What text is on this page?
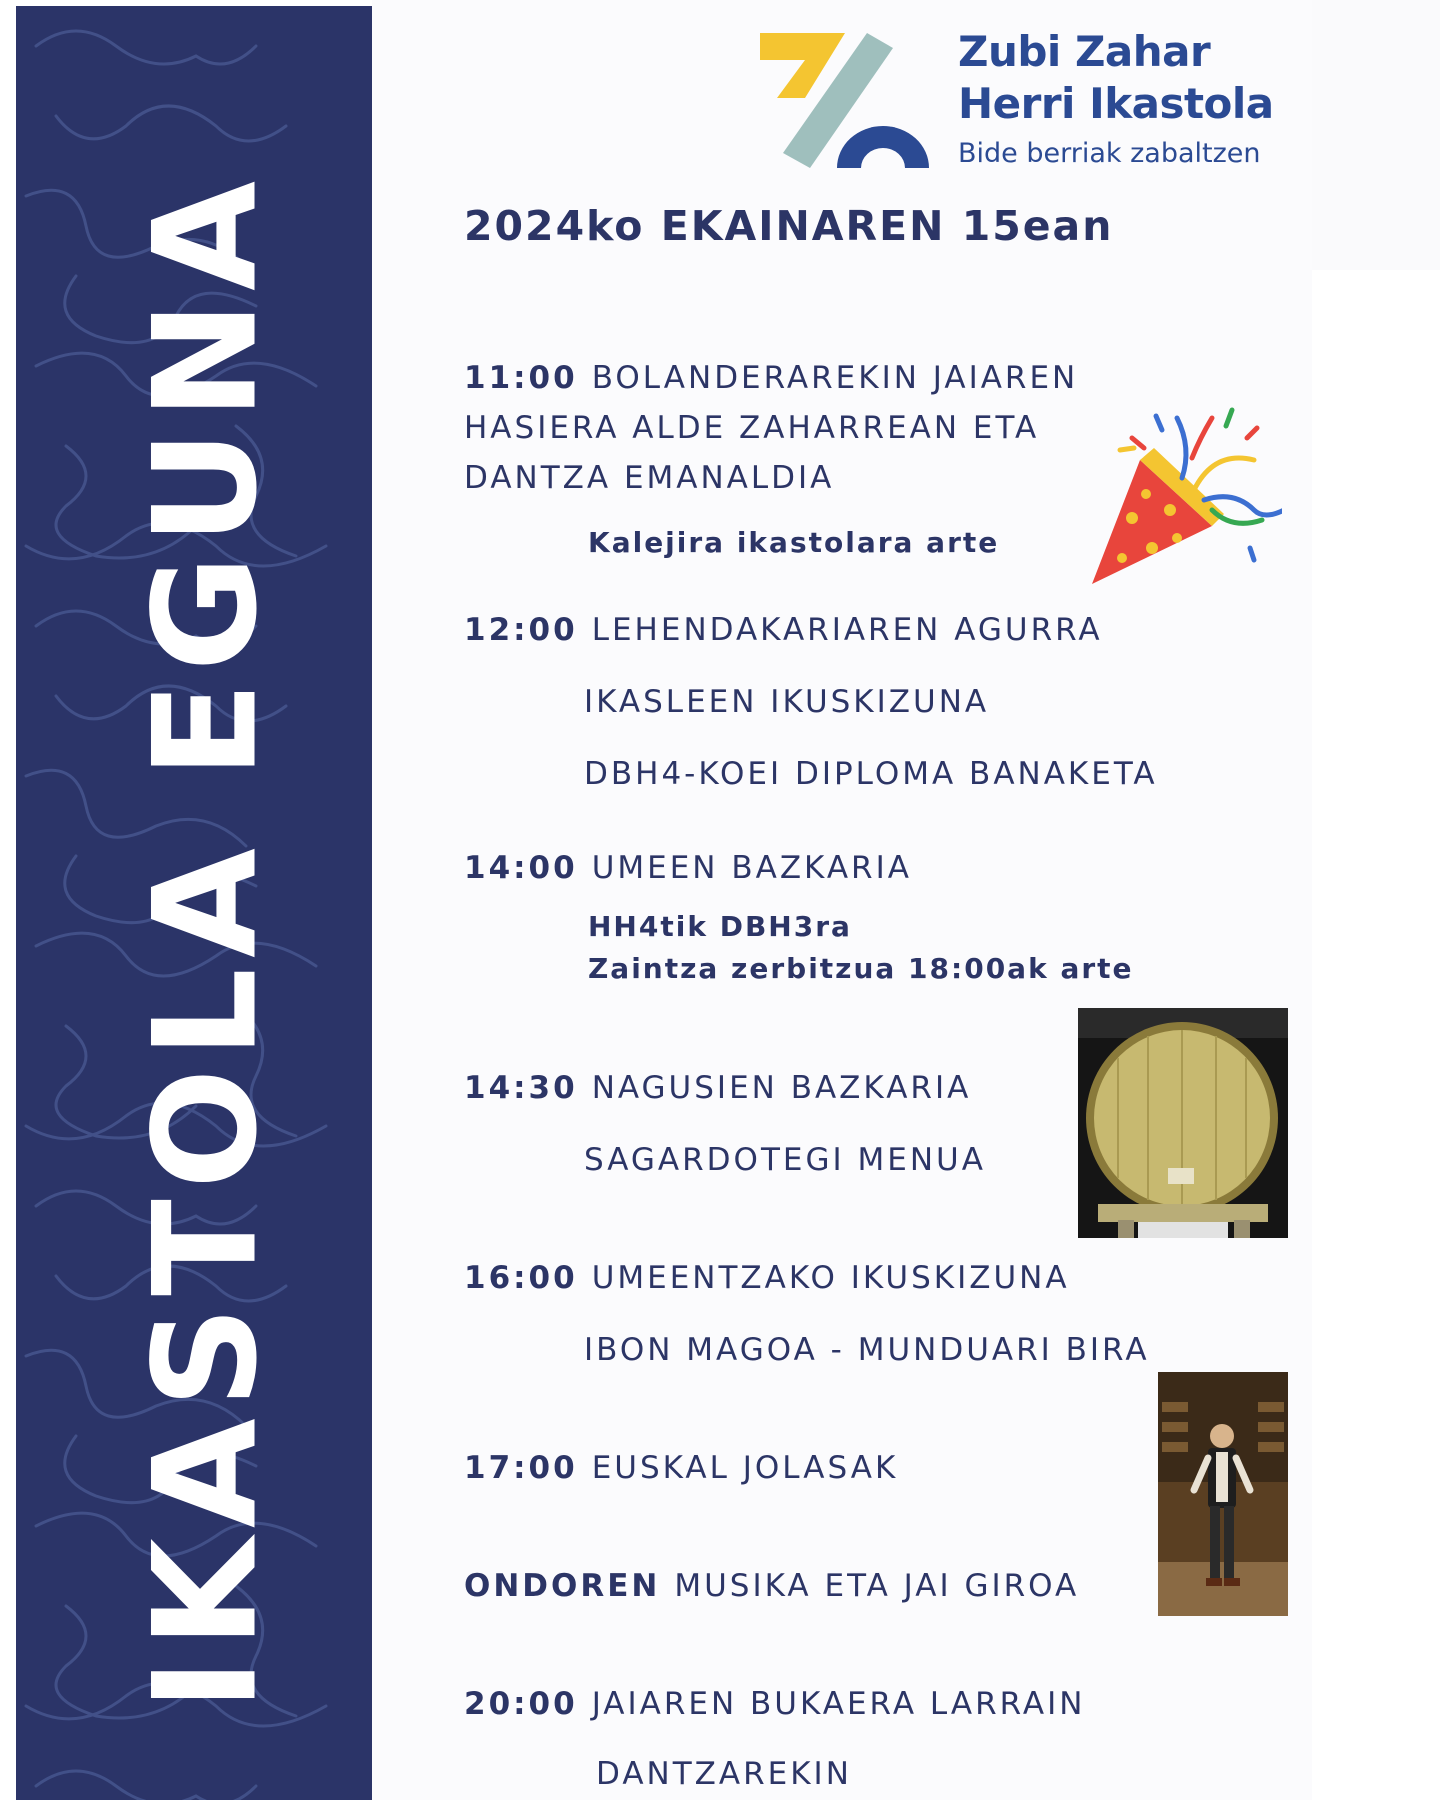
IKASTOLA EGUNA
Zubi Zahar
Herri Ikastola
Bide berriak zabaltzen
2024ko EKAINAREN 15ean
11:00 BOLANDERAREKIN JAIAREN
HASIERA ALDE ZAHARREAN ETA
DANTZA EMANALDIA
Kalejira ikastolara arte
12:00 LEHENDAKARIAREN AGURRA
IKASLEEN IKUSKIZUNA
DBH4-KOEI DIPLOMA BANAKETA
14:00 UMEEN BAZKARIA
HH4tik DBH3ra
Zaintza zerbitzua 18:00ak arte
14:30 NAGUSIEN BAZKARIA
SAGARDOTEGI MENUA
16:00 UMEENTZAKO IKUSKIZUNA
IBON MAGOA - MUNDUARI BIRA
17:00 EUSKAL JOLASAK
ONDOREN MUSIKA ETA JAI GIROA
20:00 JAIAREN BUKAERA LARRAIN
DANTZAREKIN
